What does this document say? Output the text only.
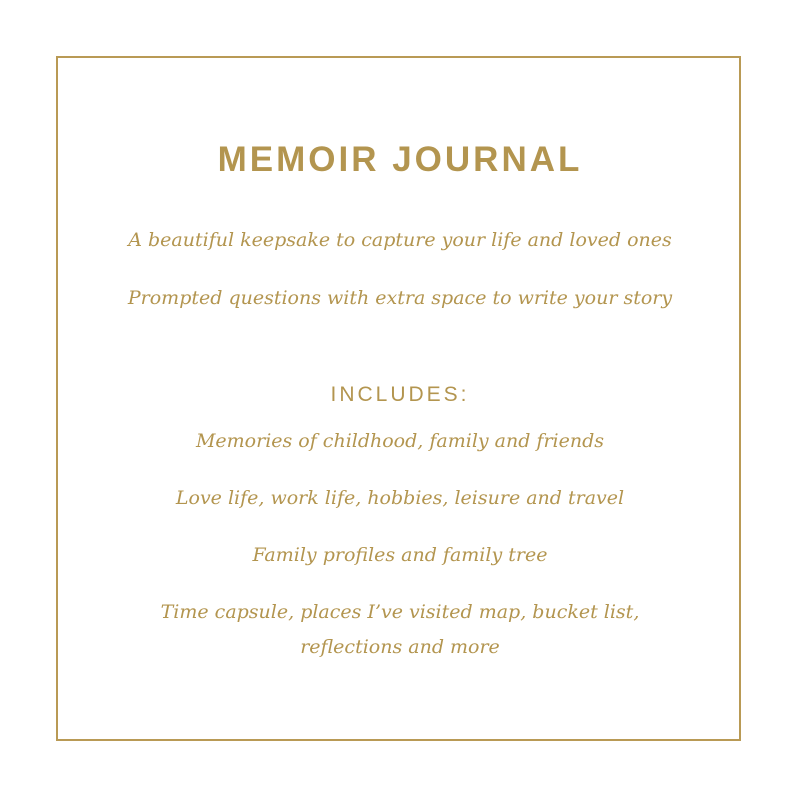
MEMOIR JOURNAL
A beautiful keepsake to capture your life and loved ones
Prompted questions with extra space to write your story
INCLUDES:
Memories of childhood, family and friends
Love life, work life, hobbies, leisure and travel
Family profiles and family tree
Time capsule, places I’ve visited map, bucket list,
reflections and more
